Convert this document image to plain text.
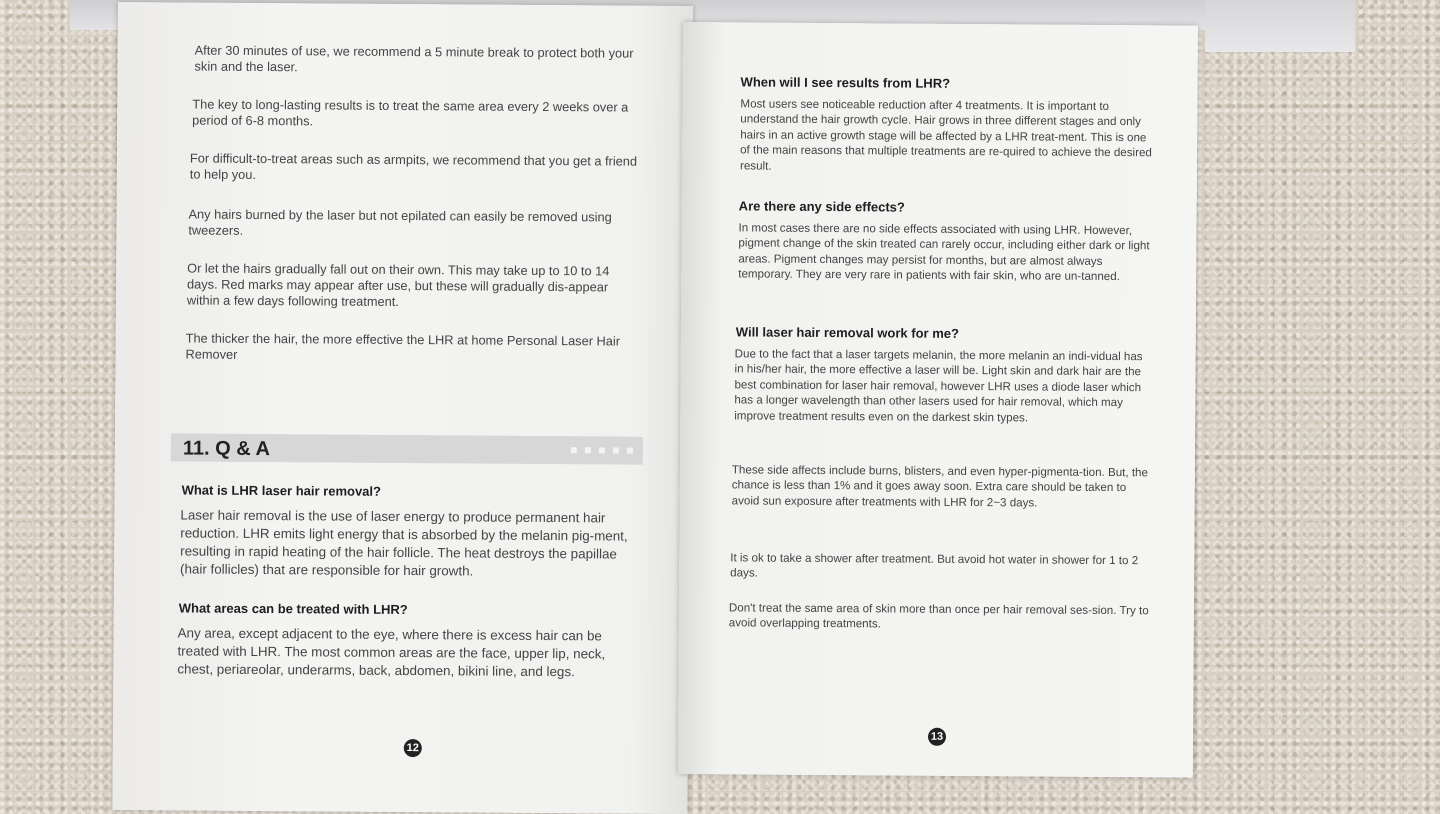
After 30 minutes of use, we recommend a 5 minute break to protect both your skin and the laser.

The key to long-lasting results is to treat the same area every 2 weeks over a period of 6-8 months.

For difficult-to-treat areas such as armpits, we recommend that you get a friend to help you.

Any hairs burned by the laser but not epilated can easily be removed using tweezers.

Or let the hairs gradually fall out on their own. This may take up to 10 to 14 days. Red marks may appear after use, but these will gradually dis-appear within a few days following treatment.

The thicker the hair, the more effective the LHR at home Personal Laser Hair Remover

11. Q & A

What is LHR laser hair removal?

Laser hair removal is the use of laser energy to produce permanent hair reduction. LHR emits light energy that is absorbed by the melanin pig-ment, resulting in rapid heating of the hair follicle. The heat destroys the papillae (hair follicles) that are responsible for hair growth.

What areas can be treated with LHR?

Any area, except adjacent to the eye, where there is excess hair can be treated with LHR. The most common areas are the face, upper lip, neck, chest, periareolar, underarms, back, abdomen, bikini line, and legs.

12

When will I see results from LHR?

Most users see noticeable reduction after 4 treatments. It is important to understand the hair growth cycle. Hair grows in three different stages and only hairs in an active growth stage will be affected by a LHR treat-ment. This is one of the main reasons that multiple treatments are re-quired to achieve the desired result.

Are there any side effects?

In most cases there are no side effects associated with using LHR. However, pigment change of the skin treated can rarely occur, including either dark or light areas. Pigment changes may persist for months, but are almost always temporary. They are very rare in patients with fair skin, who are un-tanned.

Will laser hair removal work for me?

Due to the fact that a laser targets melanin, the more melanin an indi-vidual has in his/her hair, the more effective a laser will be. Light skin and dark hair are the best combination for laser hair removal, however LHR uses a diode laser which has a longer wavelength than other lasers used for hair removal, which may improve treatment results even on the darkest skin types.

These side affects include burns, blisters, and even hyper-pigmenta-tion. But, the chance is less than 1% and it goes away soon. Extra care should be taken to avoid sun exposure after treatments with LHR for 2~3 days.

It is ok to take a shower after treatment. But avoid hot water in shower for 1 to 2 days.

Don't treat the same area of skin more than once per hair removal ses-sion. Try to avoid overlapping treatments.

13
